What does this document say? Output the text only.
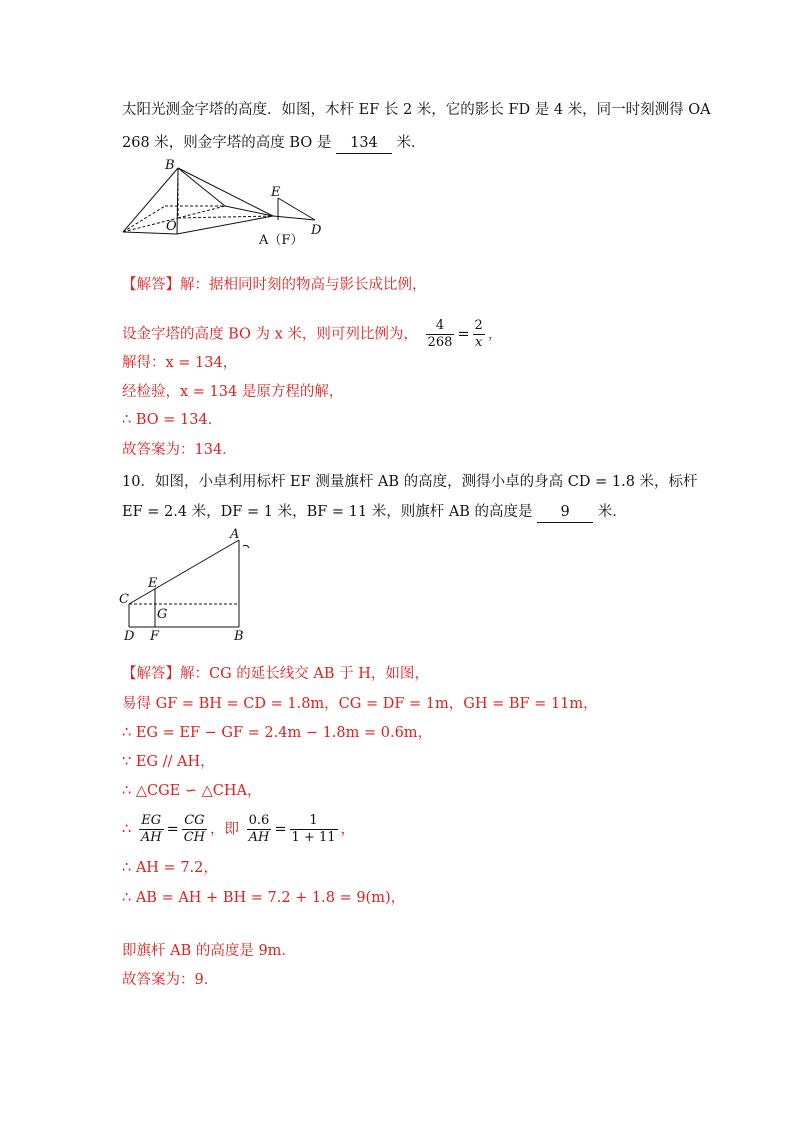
太阳光测金字塔的高度．如图，木杆 EF 长 2 米，它的影长 FD 是 4 米，同一时刻测得 OA
268 米，则金字塔的高度 BO 是 134 米．
B
E
O
A（F）
D
【解答】解：据相同时刻的物高与影长成比例，
设金字塔的高度 BO 为 x 米，则可列比例为， $\frac{4}{268} = \frac{2}{x}$ ，
解得：x = 134，
经检验，x = 134 是原方程的解，
∴ BO = 134．
故答案为：134．
10．如图，小卓利用标杆 EF 测量旗杆 AB 的高度，测得小卓的身高 CD = 1.8 米，标杆
EF = 2.4 米，DF = 1 米，BF = 11 米，则旗杆 AB 的高度是 9 米．
A
E
C
G
D F	B
【解答】解：CG 的延长线交 AB 于 H，如图，
易得 GF = BH = CD = 1.8m，CG = DF = 1m，GH = BF = 11m，
∴ EG = EF − GF = 2.4m − 1.8m = 0.6m，
∵ EG // AH，
∴ △CGE ∽ △CHA，
∴ $\frac{EG}{AH} = \frac{CG}{CH}$ ，即 $\frac{0.6}{AH} = \frac{1}{1 + 11}$ ，
∴ AH = 7.2，
∴ AB = AH + BH = 7.2 + 1.8 = 9(m)，
即旗杆 AB 的高度是 9m．
故答案为：9．
